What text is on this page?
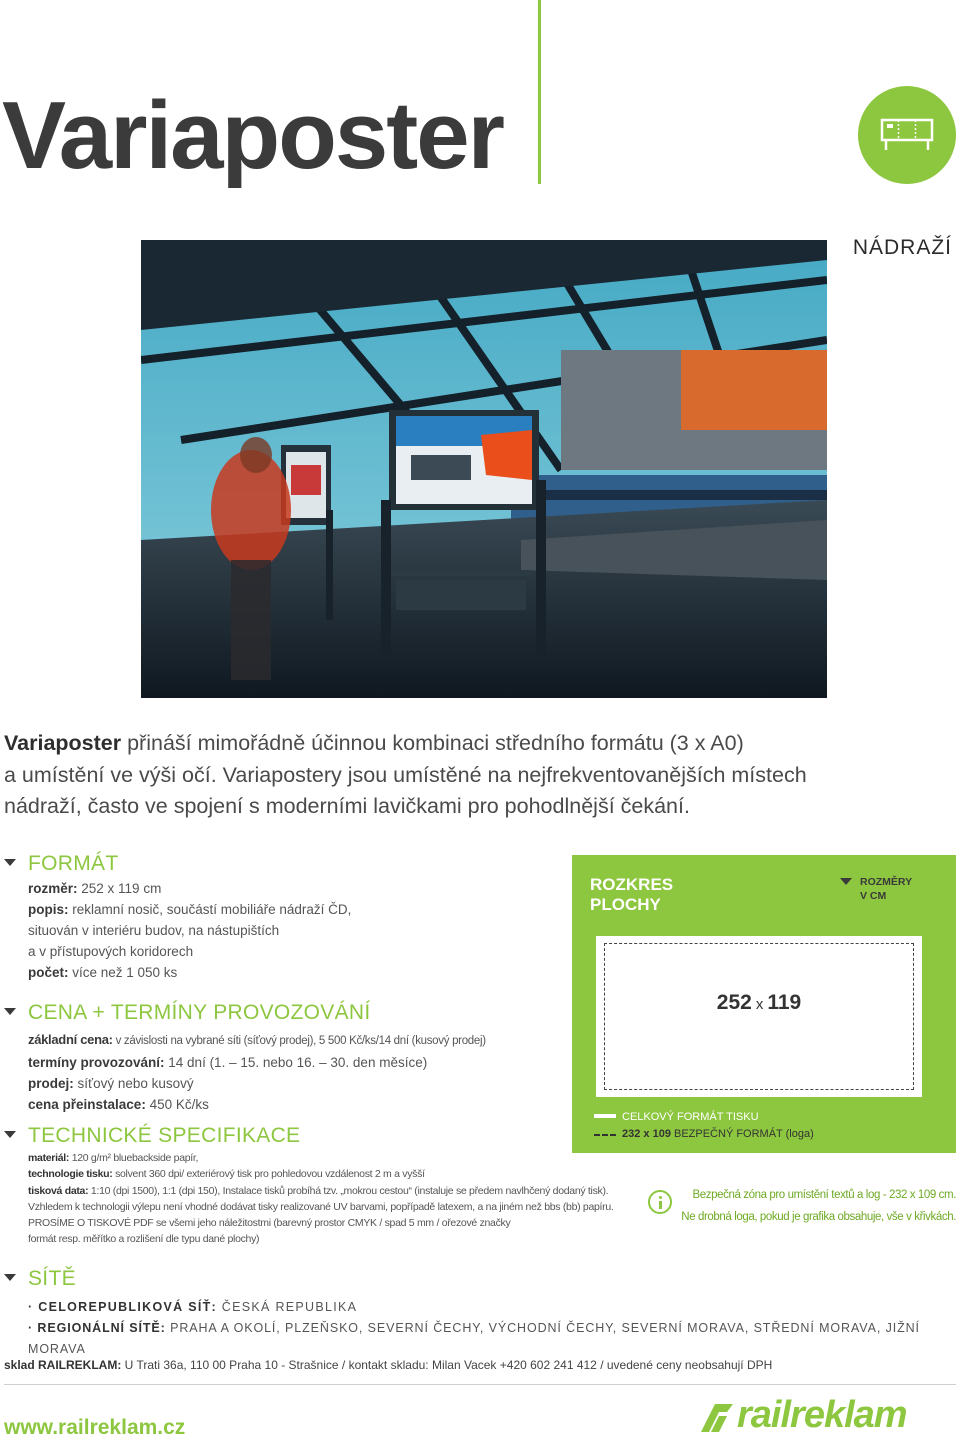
Variaposter
NÁDRAŽÍ
Variaposter přináší mimořádně účinnou kombinaci středního formátu (3 x A0)
a umístění ve výši očí. Variapostery jsou umístěné na nejfrekventovanějších místech
nádraží, často ve spojení s moderními lavičkami pro pohodlnější čekání.
FORMÁT
rozměr: 252 x 119 cm
popis: reklamní nosič, součástí mobiliáře nádraží ČD,
situován v interiéru budov, na nástupištích
a v přístupových koridorech
počet: více než 1 050 ks
CENA + TERMÍNY PROVOZOVÁNÍ
základní cena: v závislosti na vybrané síti (síťový prodej), 5 500 Kč/ks/14 dní (kusový prodej)
termíny provozování: 14 dní (1. – 15. nebo 16. – 30. den měsíce)
prodej: síťový nebo kusový
cena přeinstalace: 450 Kč/ks
TECHNICKÉ SPECIFIKACE
materiál: 120 g/m² bluebackside papír,
technologie tisku: solvent 360 dpi/ exteriérový tisk pro pohledovou vzdálenost 2 m a vyšší
tisková data: 1:10 (dpi 1500), 1:1 (dpi 150), Instalace tisků probíhá tzv. „mokrou cestou“ (instaluje se předem navlhčený dodaný tisk).
Vzhledem k technologii výlepu není vhodné dodávat tisky realizované UV barvami, popřípadě latexem, a na jiném než bbs (bb) papíru.
PROSÍME O TISKOVÉ PDF se všemi jeho náležitostmi (barevný prostor CMYK / spad 5 mm / ořezové značky
formát resp. měřítko a rozlišení dle typu dané plochy)
ROZKRES
PLOCHY
ROZMĚRY
V CM
252 x 119
CELKOVÝ FORMÁT TISKU
232 x 109 BEZPEČNÝ FORMÁT (loga)
Bezpečná zóna pro umístění textů a log - 232 x 109 cm.
Ne drobná loga, pokud je grafika obsahuje, vše v křivkách.
SÍTĚ
· CELOREPUBLIKOVÁ SÍŤ: ČESKÁ REPUBLIKA
· REGIONÁLNÍ SÍTĚ: PRAHA A OKOLÍ, PLZEŇSKO, SEVERNÍ ČECHY, VÝCHODNÍ ČECHY, SEVERNÍ MORAVA, STŘEDNÍ MORAVA, JIŽNÍ MORAVA
sklad RAILREKLAM: U Trati 36a, 110 00 Praha 10 - Strašnice / kontakt skladu: Milan Vacek +420 602 241 412 / uvedené ceny neobsahují DPH
www.railreklam.cz	railreklam
